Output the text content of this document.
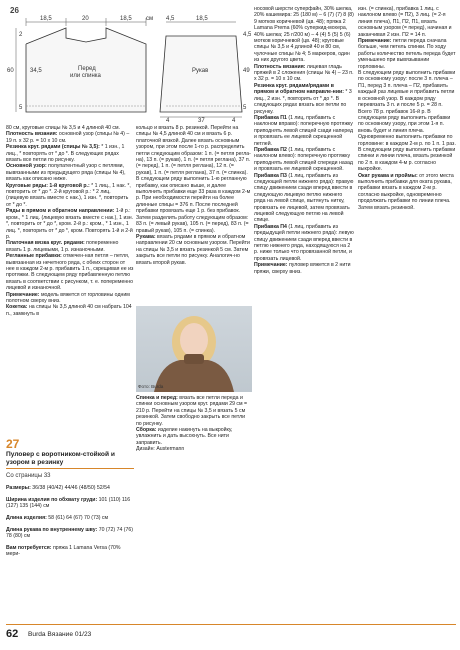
26
18,5	20	18,5 см
Перед
или спинка
60	34,5
5
2
Рукав
4,5	18,5
4,5
49
5
4	37	4

80 см, круговые спицы № 3,5 и 4 длиной 40 см.

Плотность вязания: основной узор (спицы № 4) – 19 п. х 32 р. = 10 х 10 см.

Резинка круг. рядами (спицы № 3,5): * 1 изн., 1 лиц., * повторять от * до *. В следующих рядах вязать все петли по рисунку.

Основной узор: полупатентный узор с петлями, вывязанными из предыдущего ряда (спицы № 4), вязать как описано ниже.

Круговые ряды: 1-й круговой р.: * 1 лиц., 1 нак. *, повторить от * до *. 2-й круговой р.: * 2 лиц. (лицевую вязать вместе с нак.), 1 изн. *, повторить от * до *.

Ряды в прямом и обратном направлении: 1-й р.: кром., * 1 лиц. (лицевую вязать вместе с нак.), 1 изн. *, повторить от * до *, кром. 2-й р.: кром., * 1 изн., 1 лиц. *, повторить от * до *, кром. Повторять 1-й и 2-й р.

Платочная вязка круг. рядами: попеременно вязать 1 р. лицевыми, 1 р. изнаночными.

Регланные прибавки: отмечен-ная петля – петля, вывязанная из нечетного ряда, с обеих сторон от нее в каждом 2-м р. прибавить 1 п., скрещивая ее из протяжки. В следующем ряду прибавленную петлю вязать в соответствии с рисунком, т. е. попеременно лицевой и изнаночной.

Примечание: модель вяжется от горловины одним полотном сверху вниз.

Кокетка: на спицы № 3,5 длиной 40 см набрать 104 п., замкнуть в

27
Пуловер с воротником-стойкой и узором в резинку
Со страницы 33

Размеры: 36/38 (40/42) 44/46 (48/50) 52/54

Ширина изделия по обхвату груди: 101 (110) 116 (127) 135 (144) см

Длина изделия: 58 (61) 64 (67) 70 (73) см

Длина рукава по внутреннему шву: 70 (72) 74 (76) 78 (80) см

Вам потребуется: пряжа 1 Lamana Versa (70% мери-

кольцо и вязать 8 р. резинкой. Перейти на спицы № 4,5 длиной 40 см и вязать 6 р. платочной вязкой. Далее вязать основным узором, при этом после 1-го р. распределить петли следующим образом: 1 п. (= петля регла-на), 13 п. (= рукав), 1 п. (= петля реглана), 37 п. (= перед), 1 п. (= петля реглана), 12 п. (= рукав), 1 п. (= петля реглана), 37 п. (= спинка). В следующем ряду выполнить 1-ю регланную прибавку, как описано выше, и далее выполнить прибавки еще 33 раза в каждом 2-м р. При необходимости перейти на более длинные спицы = 376 п. После последней прибавки провязать еще 1 р. без прибавок. Затем разделить работу следующим образом: 83 п. (= левый рукав), 105 п. (= перед), 83 п. (= правый рукав), 105 п. (= спинка).

Рукава: вязать рядами в прямом и обратном направлении 20 см основным узором. Перейти на спицы № 3,5 и вязать резинкой 5 см. Затем закрыть все петли по рисунку. Аналогич-но вязать второй рукав.

Фото: Burda

Спинка и перед: вязать все петли переда и спинки основным узором круг. рядами 29 см = 210 р. Перейти на спицы № 3,5 и вязать 5 см резинкой. Затем свободно закрыть все петли по рисунку.

Сборка: изделие накинуть на выкройку, увлажнить и дать высохнуть. Все нити заправить.

Дизайн: Austermann

носовой шерсти суперфайн, 30% шелка, 20% кашемира: 25 (180 м) – 6 (7) (7) 8 (8) 9 мотков коричневой (цв. 48); пряжа 2 Lamana Prema (60% суперкид-мохера, 40% шелка; 25 г/200 м) – 4 (4) 5 (5) 5 (6) мотков коричневой (цв. 48); круговые спицы № 3,5 и 4 длиной 40 и 80 см, чулочные спицы № 4; 5 маркеров, один из них другого цвета.

Плотность вязания: лицевая гладь пряжей в 2 сложения (спицы № 4) – 23 п. х 32 р. = 10 х 10 см.

Резинка круг. рядами/рядами в прямом и обратном направле-нии: * 3 лиц., 2 изн. *, повторить от * до *. В следующих рядах вязать все петли по рисунку.

Прибавка П1 (1 лиц. прибавить с наклоном вправо): поперечную протяжку приподнять левой спицей сзади наперед и провязать ее лицевой скрещенной петлей.

Прибавка П2 (1 лиц. прибавить с наклоном влево): поперечную протяжку приподнять левой спицей спереди назад и провязать ее лицевой скрещенной.

Прибавка П3 (1 лиц. прибавить из следующей петли нижнего ряда): правую спицу движением сзади вперед ввести в следующую лицевую петлю нижнего ряда на левой спице, вытянуть нитку, провязать ее лицевой, затем провязать лицевой следующую петлю на левой спице.

Прибавка П4 (1 лиц. прибавить из предыдущей петли нижнего ряда): левую спицу движением сзади вперед ввести в петлю нижнего ряда, находящуюся на 2 р. ниже только что провязанной петли, и провязать лицевой.

Примечание: пуловер вяжется в 2 нити пряжи, сверху вниз.

изн. (= спинка), прибавка 1 лиц. с наклоном влево (= П2), 3 лиц. (= 2-я линия плеча), П1, П2, П1, вязать основным узором (= перед), начиная и заканчивая 2 изн. П2 = 14 п.

Примечание: петли переда сначала больше, чем петель спинки. По ходу работы количество петель переда будет уменьшено при вывязывании горловины.

В следующем ряду выполнить прибавки по основному узору: после 3 п. плеча – П1, перед 3 п. плеча – П2, прибавить каждый раз лицевые и прибавить петли в основной узор. В каждом ряду перевязать 3 п. и после 5 р. = 28 п. Всего 78 р. прибавок 16-й р. В следующем ряду выполнить прибавки по основному узору, при этом 1-я п. вновь будет и линия плеча. Одновременно выполнить прибавки по горловине: в каждом 2-м р. по 1 п. 1 раз.

В следующем ряду выполнить прибавки спинки и линии плеча, вязать резинкой по 2 п. в каждом 4-м р. согласно выкройке.

Окат рукава и проймы: от этого места выполнить прибавки для оката рукава, прибавки вязать в каждом 2-м р. согласно выкройке, одновременно продолжать прибавки по линии плеча. Затем вязать резинкой.

62 Burda Вязание 01/23
